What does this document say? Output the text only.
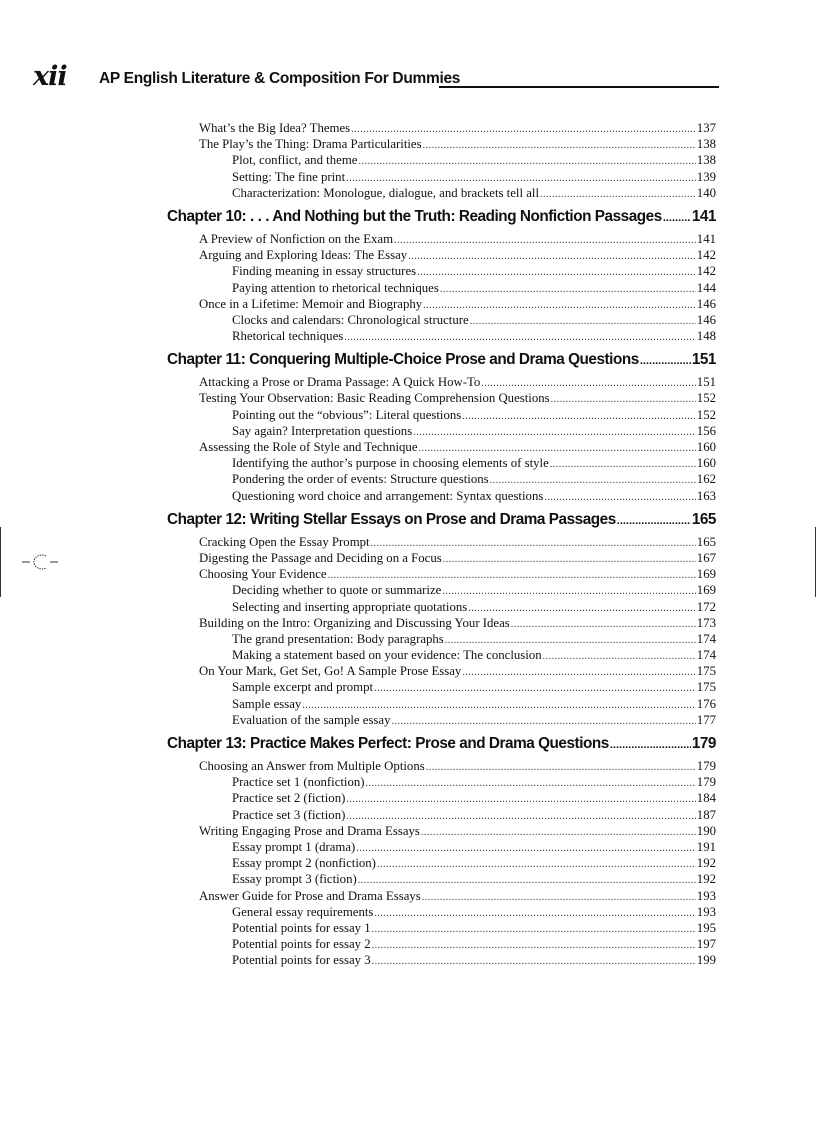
xii AP English Literature & Composition For Dummies
What’s the Big Idea? Themes .....	137
The Play’s the Thing: Drama Particularities .....	138
Plot, conflict, and theme .....	138
Setting: The fine print .....	139
Characterization: Monologue, dialogue, and brackets tell all .....	140
Chapter 10: . . . And Nothing but the Truth: Reading Nonfiction Passages ..... 141
A Preview of Nonfiction on the Exam .....	141
Arguing and Exploring Ideas: The Essay .....	142
Finding meaning in essay structures .....	142
Paying attention to rhetorical techniques .....	144
Once in a Lifetime: Memoir and Biography .....	146
Clocks and calendars: Chronological structure .....	146
Rhetorical techniques .....	148
Chapter 11: Conquering Multiple-Choice Prose and Drama Questions .....	151
Attacking a Prose or Drama Passage: A Quick How-To .....	151
Testing Your Observation: Basic Reading Comprehension Questions .....	152
Pointing out the “obvious”: Literal questions .....	152
Say again? Interpretation questions .....	156
Assessing the Role of Style and Technique .....	160
Identifying the author’s purpose in choosing elements of style .....	160
Pondering the order of events: Structure questions .....	162
Questioning word choice and arrangement: Syntax questions .....	163
Chapter 12: Writing Stellar Essays on Prose and Drama Passages .....	165
Cracking Open the Essay Prompt .....	165
Digesting the Passage and Deciding on a Focus .....	167
Choosing Your Evidence .....	169
Deciding whether to quote or summarize .....	169
Selecting and inserting appropriate quotations .....	172
Building on the Intro: Organizing and Discussing Your Ideas .....	173
The grand presentation: Body paragraphs .....	174
Making a statement based on your evidence: The conclusion .....	174
On Your Mark, Get Set, Go! A Sample Prose Essay .....	175
Sample excerpt and prompt .....	175
Sample essay .....	176
Evaluation of the sample essay .....	177
Chapter 13: Practice Makes Perfect: Prose and Drama Questions .....	179
Choosing an Answer from Multiple Options .....	179
Practice set 1 (nonfiction) .....	179
Practice set 2 (fiction) .....	184
Practice set 3 (fiction) .....	187
Writing Engaging Prose and Drama Essays .....	190
Essay prompt 1 (drama) .....	191
Essay prompt 2 (nonfiction) .....	192
Essay prompt 3 (fiction) .....	192
Answer Guide for Prose and Drama Essays .....	193
General essay requirements .....	193
Potential points for essay 1 .....	195
Potential points for essay 2 .....	197
Potential points for essay 3 .....	199
